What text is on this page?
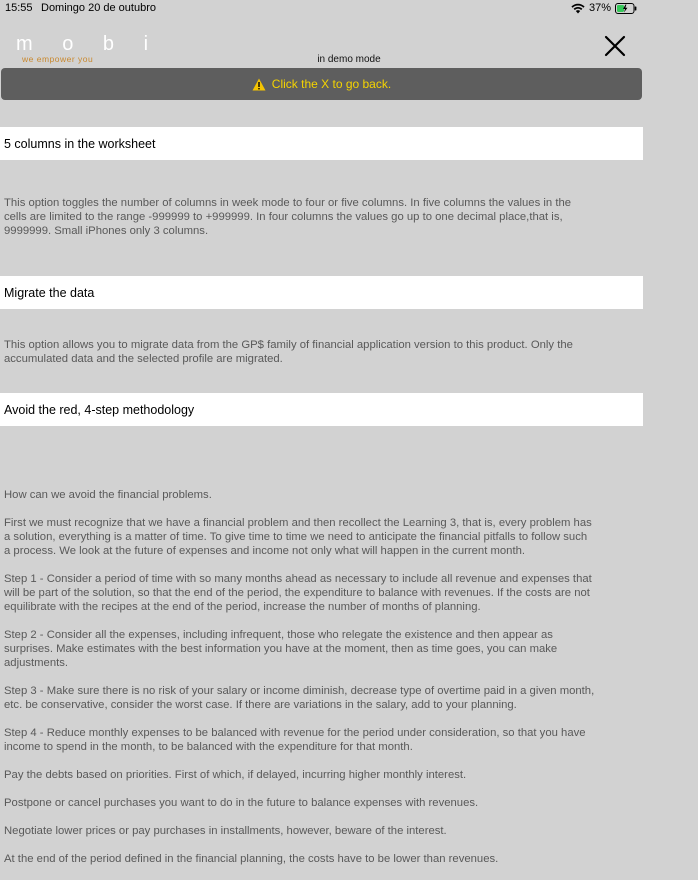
15:55 Domingo 20 de outubro	37%
m o b i
we empower you	in demo mode
Click the X to go back.
5 columns in the worksheet
This option toggles the number of columns in week mode to four or five columns. In five columns the values in the
cells are limited to the range -999999 to +999999. In four columns the values go up to one decimal place,that is,
9999999. Small iPhones only 3 columns.
Migrate the data
This option allows you to migrate data from the GP$ family of financial application version to this product. Only the
accumulated data and the selected profile are migrated.
Avoid the red, 4-step methodology

How can we avoid the financial problems.

First we must recognize that we have a financial problem and then recollect the Learning 3, that is, every problem has
a solution, everything is a matter of time. To give time to time we need to anticipate the financial pitfalls to follow such
a process. We look at the future of expenses and income not only what will happen in the current month.

Step 1 - Consider a period of time with so many months ahead as necessary to include all revenue and expenses that
will be part of the solution, so that the end of the period, the expenditure to balance with revenues. If the costs are not
equilibrate with the recipes at the end of the period, increase the number of months of planning.

Step 2 - Consider all the expenses, including infrequent, those who relegate the existence and then appear as
surprises. Make estimates with the best information you have at the moment, then as time goes, you can make
adjustments.

Step 3 - Make sure there is no risk of your salary or income diminish, decrease type of overtime paid in a given month,
etc. be conservative, consider the worst case. If there are variations in the salary, add to your planning.

Step 4 - Reduce monthly expenses to be balanced with revenue for the period under consideration, so that you have
income to spend in the month, to be balanced with the expenditure for that month.

Pay the debts based on priorities. First of which, if delayed, incurring higher monthly interest.

Postpone or cancel purchases you want to do in the future to balance expenses with revenues.

Negotiate lower prices or pay purchases in installments, however, beware of the interest.

At the end of the period defined in the financial planning, the costs have to be lower than revenues.
